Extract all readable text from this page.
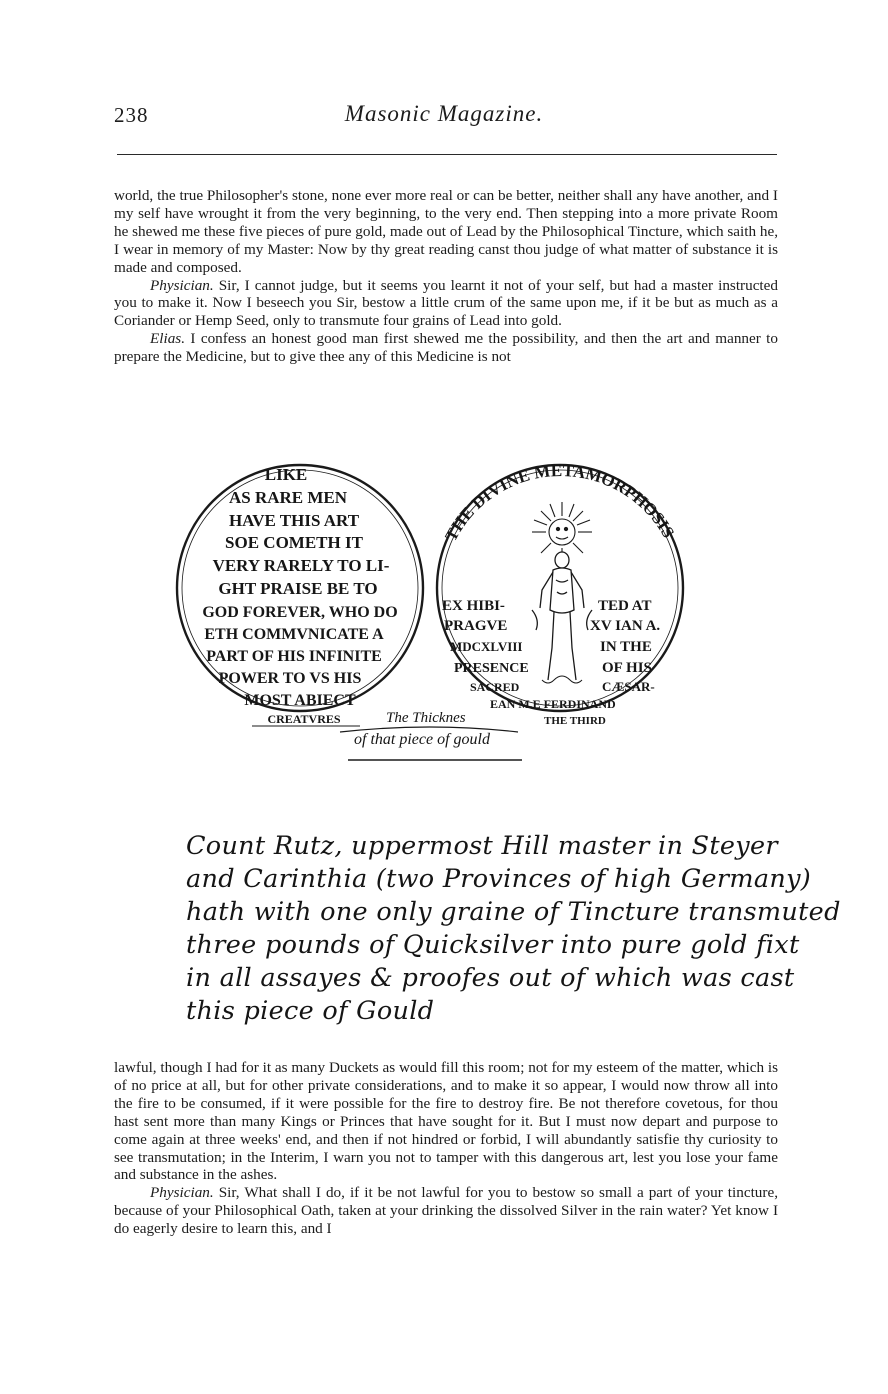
238	Masonic Magazine.

world, the true Philosopher's stone, none ever more real or can be better, neither shall any have another, and I my self have wrought it from the very beginning, to the very end. Then stepping into a more private Room he shewed me these five pieces of pure gold, made out of Lead by the Philosophical Tincture, which saith he, I wear in memory of my Master: Now by thy great reading canst thou judge of what matter of substance it is made and composed.

Physician. Sir, I cannot judge, but it seems you learnt it not of your self, but had a master instructed you to make it. Now I beseech you Sir, bestow a little crum of the same upon me, if it be but as much as a Coriander or Hemp Seed, only to transmute four grains of Lead into gold.

Elias. I confess an honest good man first shewed me the possibility, and then the art and manner to prepare the Medicine, but to give thee any of this Medicine is not

LIKE
AS RARE MEN
HAVE THIS ART
SOE COMETH IT
VERY RARELY TO LI-
GHT PRAISE BE TO
GOD FOREVER, WHO DO
ETH COMMVNICATE A
PART OF HIS INFINITE
POWER TO VS HIS
MOST ABIECT
CREATVRES
THE DIVINE METAMORPHOSIS
EX HIBI-
PRAGVE
MDCXLVIII
PRESENCE
SACRED
TED AT
XV IAN A.
IN THE
OF HIS
CÆSAR-
EAN M.E FERDINAND
THE THIRD
The Thicknes
of that piece of gould
Count Rutz, uppermost Hill master in Steyer
and Carinthia (two Provinces of high Germany)
hath with one only graine of Tincture transmuted
three pounds of Quicksilver into pure gold fixt
in all assayes & proofes out of which was cast
this piece of Gould

lawful, though I had for it as many Duckets as would fill this room; not for my esteem of the matter, which is of no price at all, but for other private considerations, and to make it so appear, I would now throw all into the fire to be consumed, if it were possible for the fire to destroy fire. Be not therefore covetous, for thou hast sent more than many Kings or Princes that have sought for it. But I must now depart and purpose to come again at three weeks' end, and then if not hindred or forbid, I will abundantly satisfie thy curiosity to see transmutation; in the Interim, I warn you not to tamper with this dangerous art, lest you lose your fame and substance in the ashes.

Physician. Sir, What shall I do, if it be not lawful for you to bestow so small a part of your tincture, because of your Philosophical Oath, taken at your drinking the dissolved Silver in the rain water? Yet know I do eagerly desire to learn this, and I
